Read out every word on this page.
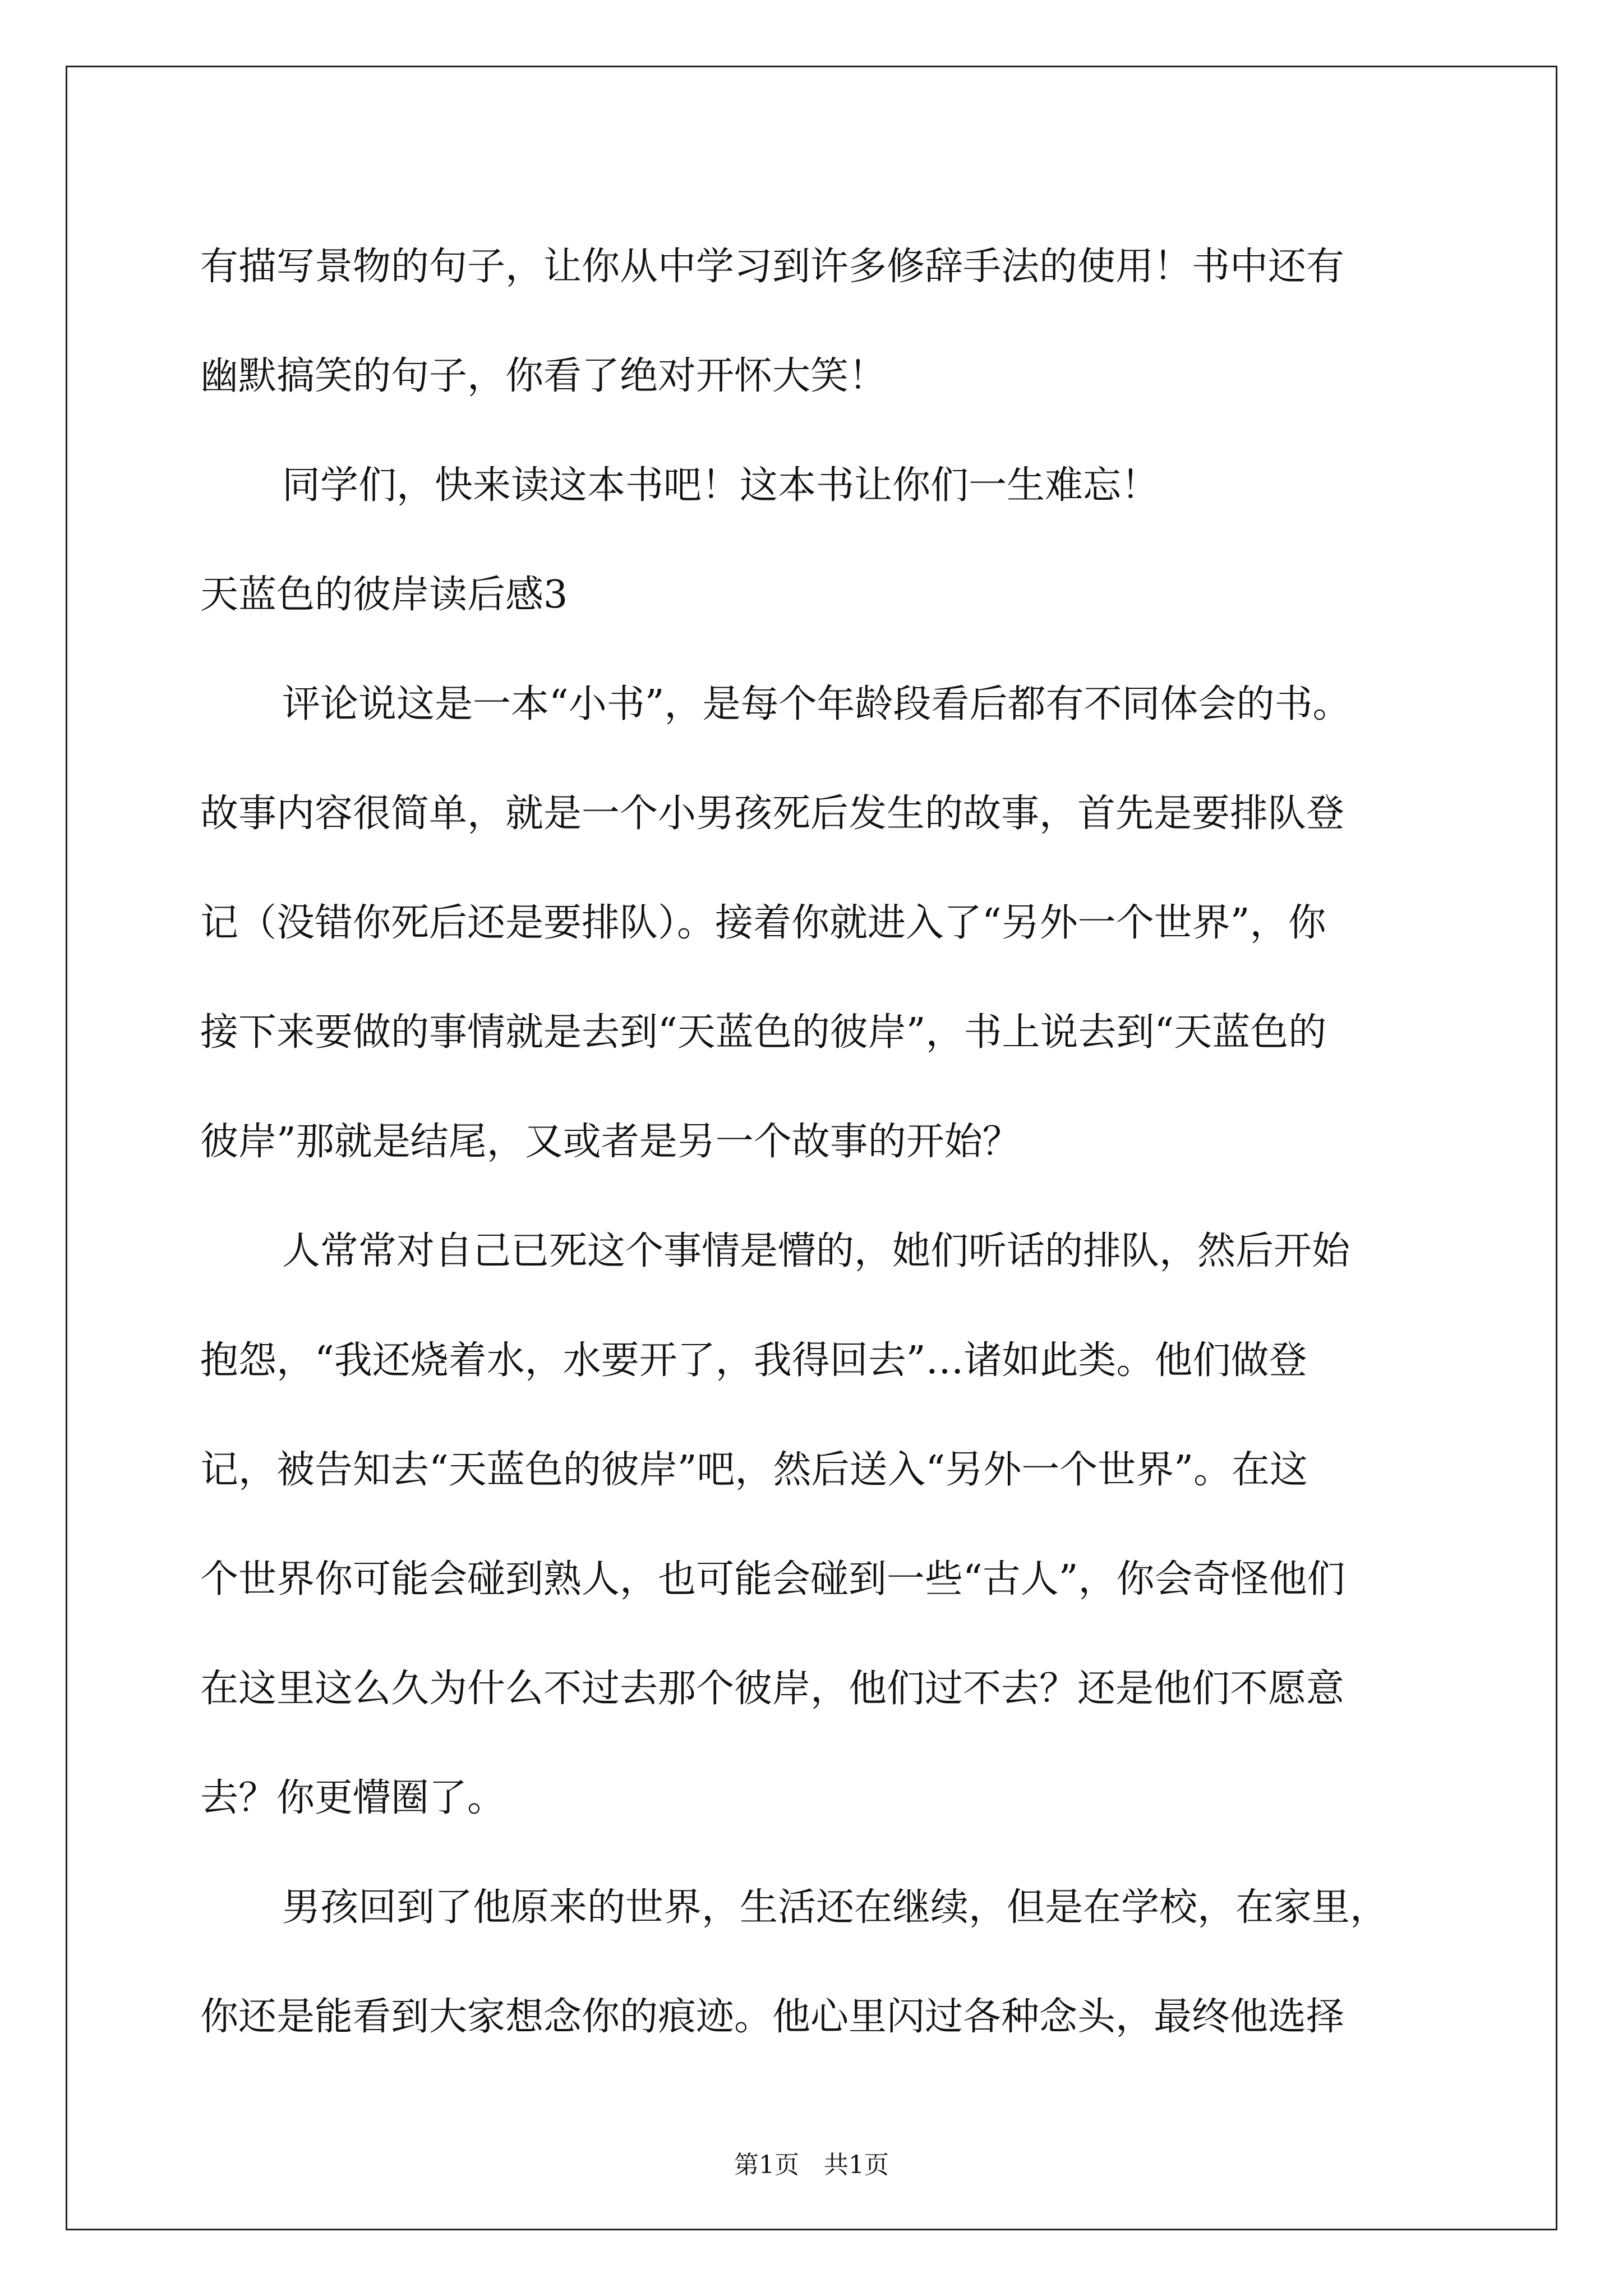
有描写景物的句子，让你从中学习到许多修辞手法的使用！书中还有
幽默搞笑的句子，你看了绝对开怀大笑！
同学们，快来读这本书吧！这本书让你们一生难忘！
天蓝色的彼岸读后感3
评论说这是一本“小书”，是每个年龄段看后都有不同体会的书。
故事内容很简单，就是一个小男孩死后发生的故事，首先是要排队登
记（没错你死后还是要排队）。接着你就进入了“另外一个世界”，你
接下来要做的事情就是去到“天蓝色的彼岸”，书上说去到“天蓝色的
彼岸”那就是结尾，又或者是另一个故事的开始？
人常常对自己已死这个事情是懵的，她们听话的排队，然后开始
抱怨，“我还烧着水，水要开了，我得回去”…诸如此类。他们做登
记，被告知去“天蓝色的彼岸”吧，然后送入“另外一个世界”。在这
个世界你可能会碰到熟人，也可能会碰到一些“古人”，你会奇怪他们
在这里这么久为什么不过去那个彼岸，他们过不去？还是他们不愿意
去？你更懵圈了。
男孩回到了他原来的世界，生活还在继续，但是在学校，在家里，
你还是能看到大家想念你的痕迹。他心里闪过各种念头，最终他选择
第1页　共1页
